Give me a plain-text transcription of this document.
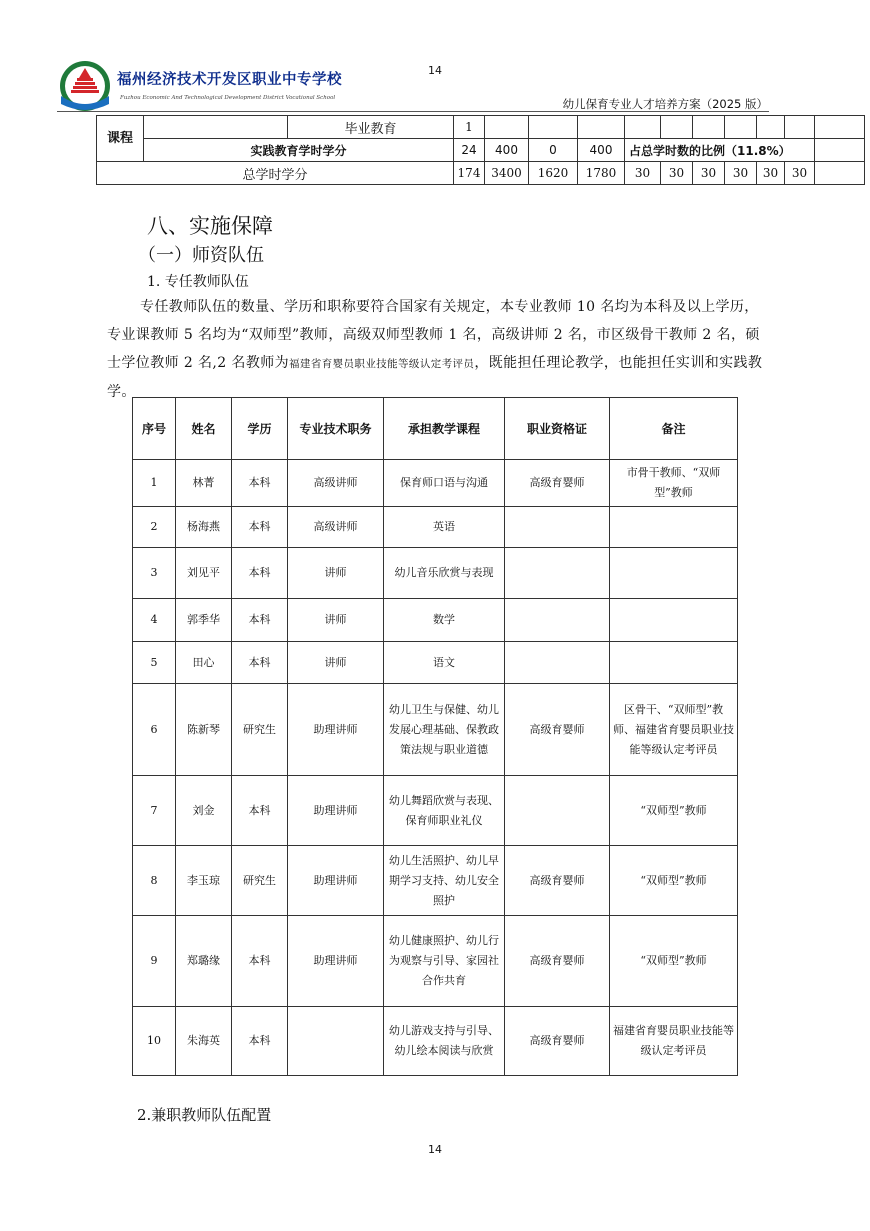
14
福州经济技术开发区职业中专学校
Fuzhou Economic And Technological Development District Vocational School	幼儿保育专业人才培养方案（2025 版）
课程		毕业教育	1										
	实践教育学时学分		24	400	0	400	占总学时数的比例（11.8%）						
总学时学分			174	3400	1620	1780	30	30	30	30	30	30	
八、实施保障
（一）师资队伍
1. 专任教师队伍
专任教师队伍的数量、学历和职称要符合国家有关规定，本专业教师 10 名均为本科及以上学历，专业课教师 5 名均为“双师型”教师，高级双师型教师 1 名，高级讲师 2 名，市区级骨干教师 2 名，硕士学位教师 2 名,2 名教师为福建省育婴员职业技能等级认定考评员，既能担任理论教学，也能担任实训和实践教学。
序号	姓名	学历	专业技术职务	承担教学课程	职业资格证	备注
1	林菁	本科	高级讲师	保育师口语与沟通	高级育婴师	市骨干教师、“双师型”教师
2	杨海燕	本科	高级讲师	英语		
3	刘见平	本科	讲师	幼儿音乐欣赏与表现		
4	郭季华	本科	讲师	数学		
5	田心	本科	讲师	语文		
6	陈新琴	研究生	助理讲师	幼儿卫生与保健、幼儿发展心理基础、保教政策法规与职业道德	高级育婴师	区骨干、“双师型”教师、福建省育婴员职业技能等级认定考评员
7	刘金	本科	助理讲师	幼儿舞蹈欣赏与表现、保育师职业礼仪		“双师型”教师
8	李玉琼	研究生	助理讲师	幼儿生活照护、幼儿早期学习支持、幼儿安全照护	高级育婴师	“双师型”教师
9	郑璐缘	本科	助理讲师	幼儿健康照护、幼儿行为观察与引导、家园社合作共育	高级育婴师	“双师型”教师
10	朱海英	本科		幼儿游戏支持与引导、幼儿绘本阅读与欣赏	高级育婴师	福建省育婴员职业技能等级认定考评员
2.兼职教师队伍配置
14
